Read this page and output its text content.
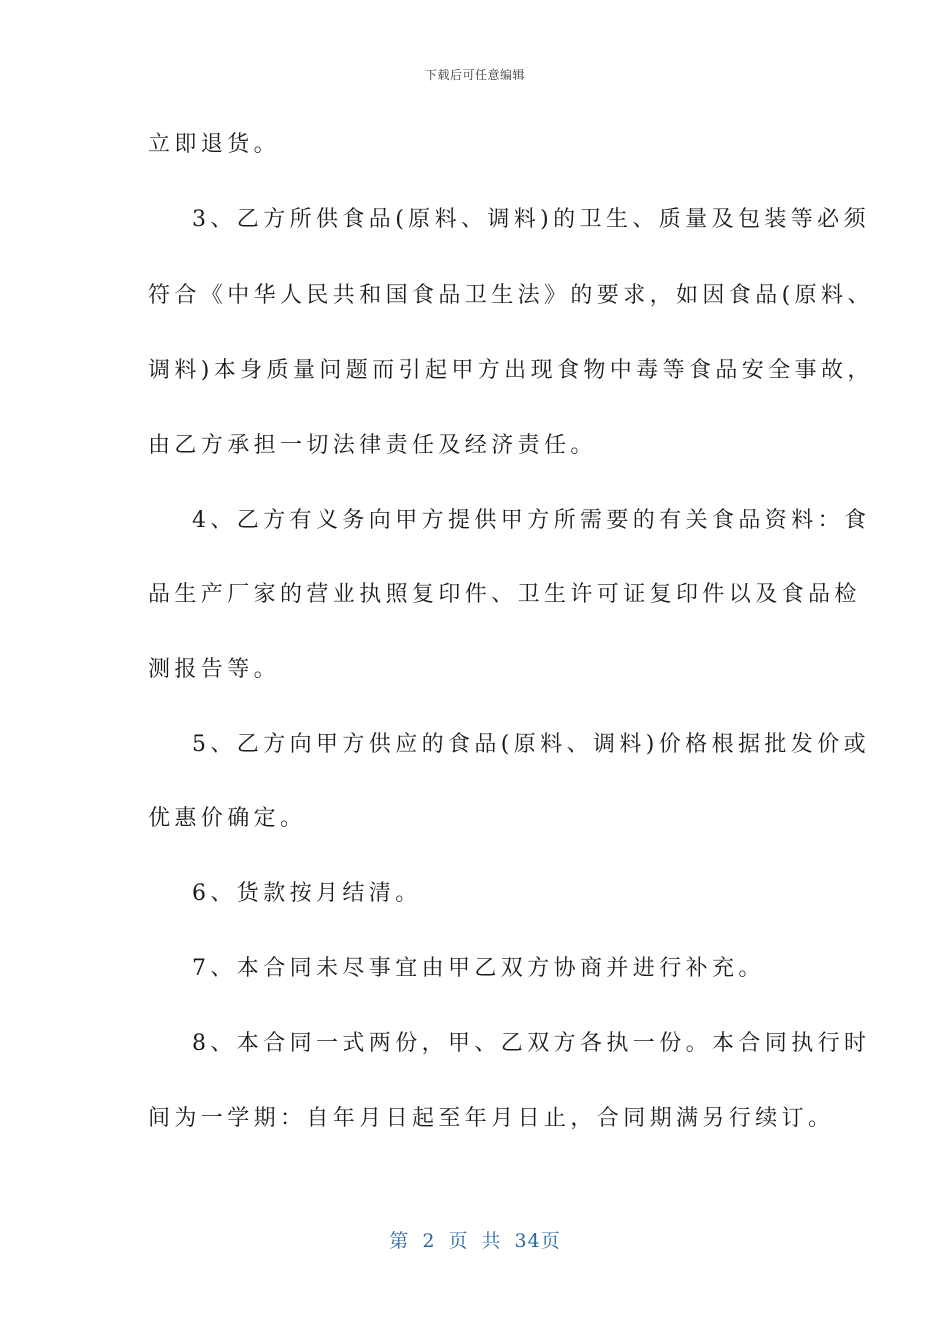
下载后可任意编辑
立即退货。
3、乙方所供食品(原料、调料)的卫生、质量及包装等必须
符合《中华人民共和国食品卫生法》的要求，如因食品(原料、
调料)本身质量问题而引起甲方出现食物中毒等食品安全事故，
由乙方承担一切法律责任及经济责任。
4、乙方有义务向甲方提供甲方所需要的有关食品资料：食
品生产厂家的营业执照复印件、卫生许可证复印件以及食品检
测报告等。
5、乙方向甲方供应的食品(原料、调料)价格根据批发价或
优惠价确定。
6、货款按月结清。
7、本合同未尽事宜由甲乙双方协商并进行补充。
8、本合同一式两份，甲、乙双方各执一份。本合同执行时
间为一学期：自年月日起至年月日止，合同期满另行续订。
第 2 页 共 34页
